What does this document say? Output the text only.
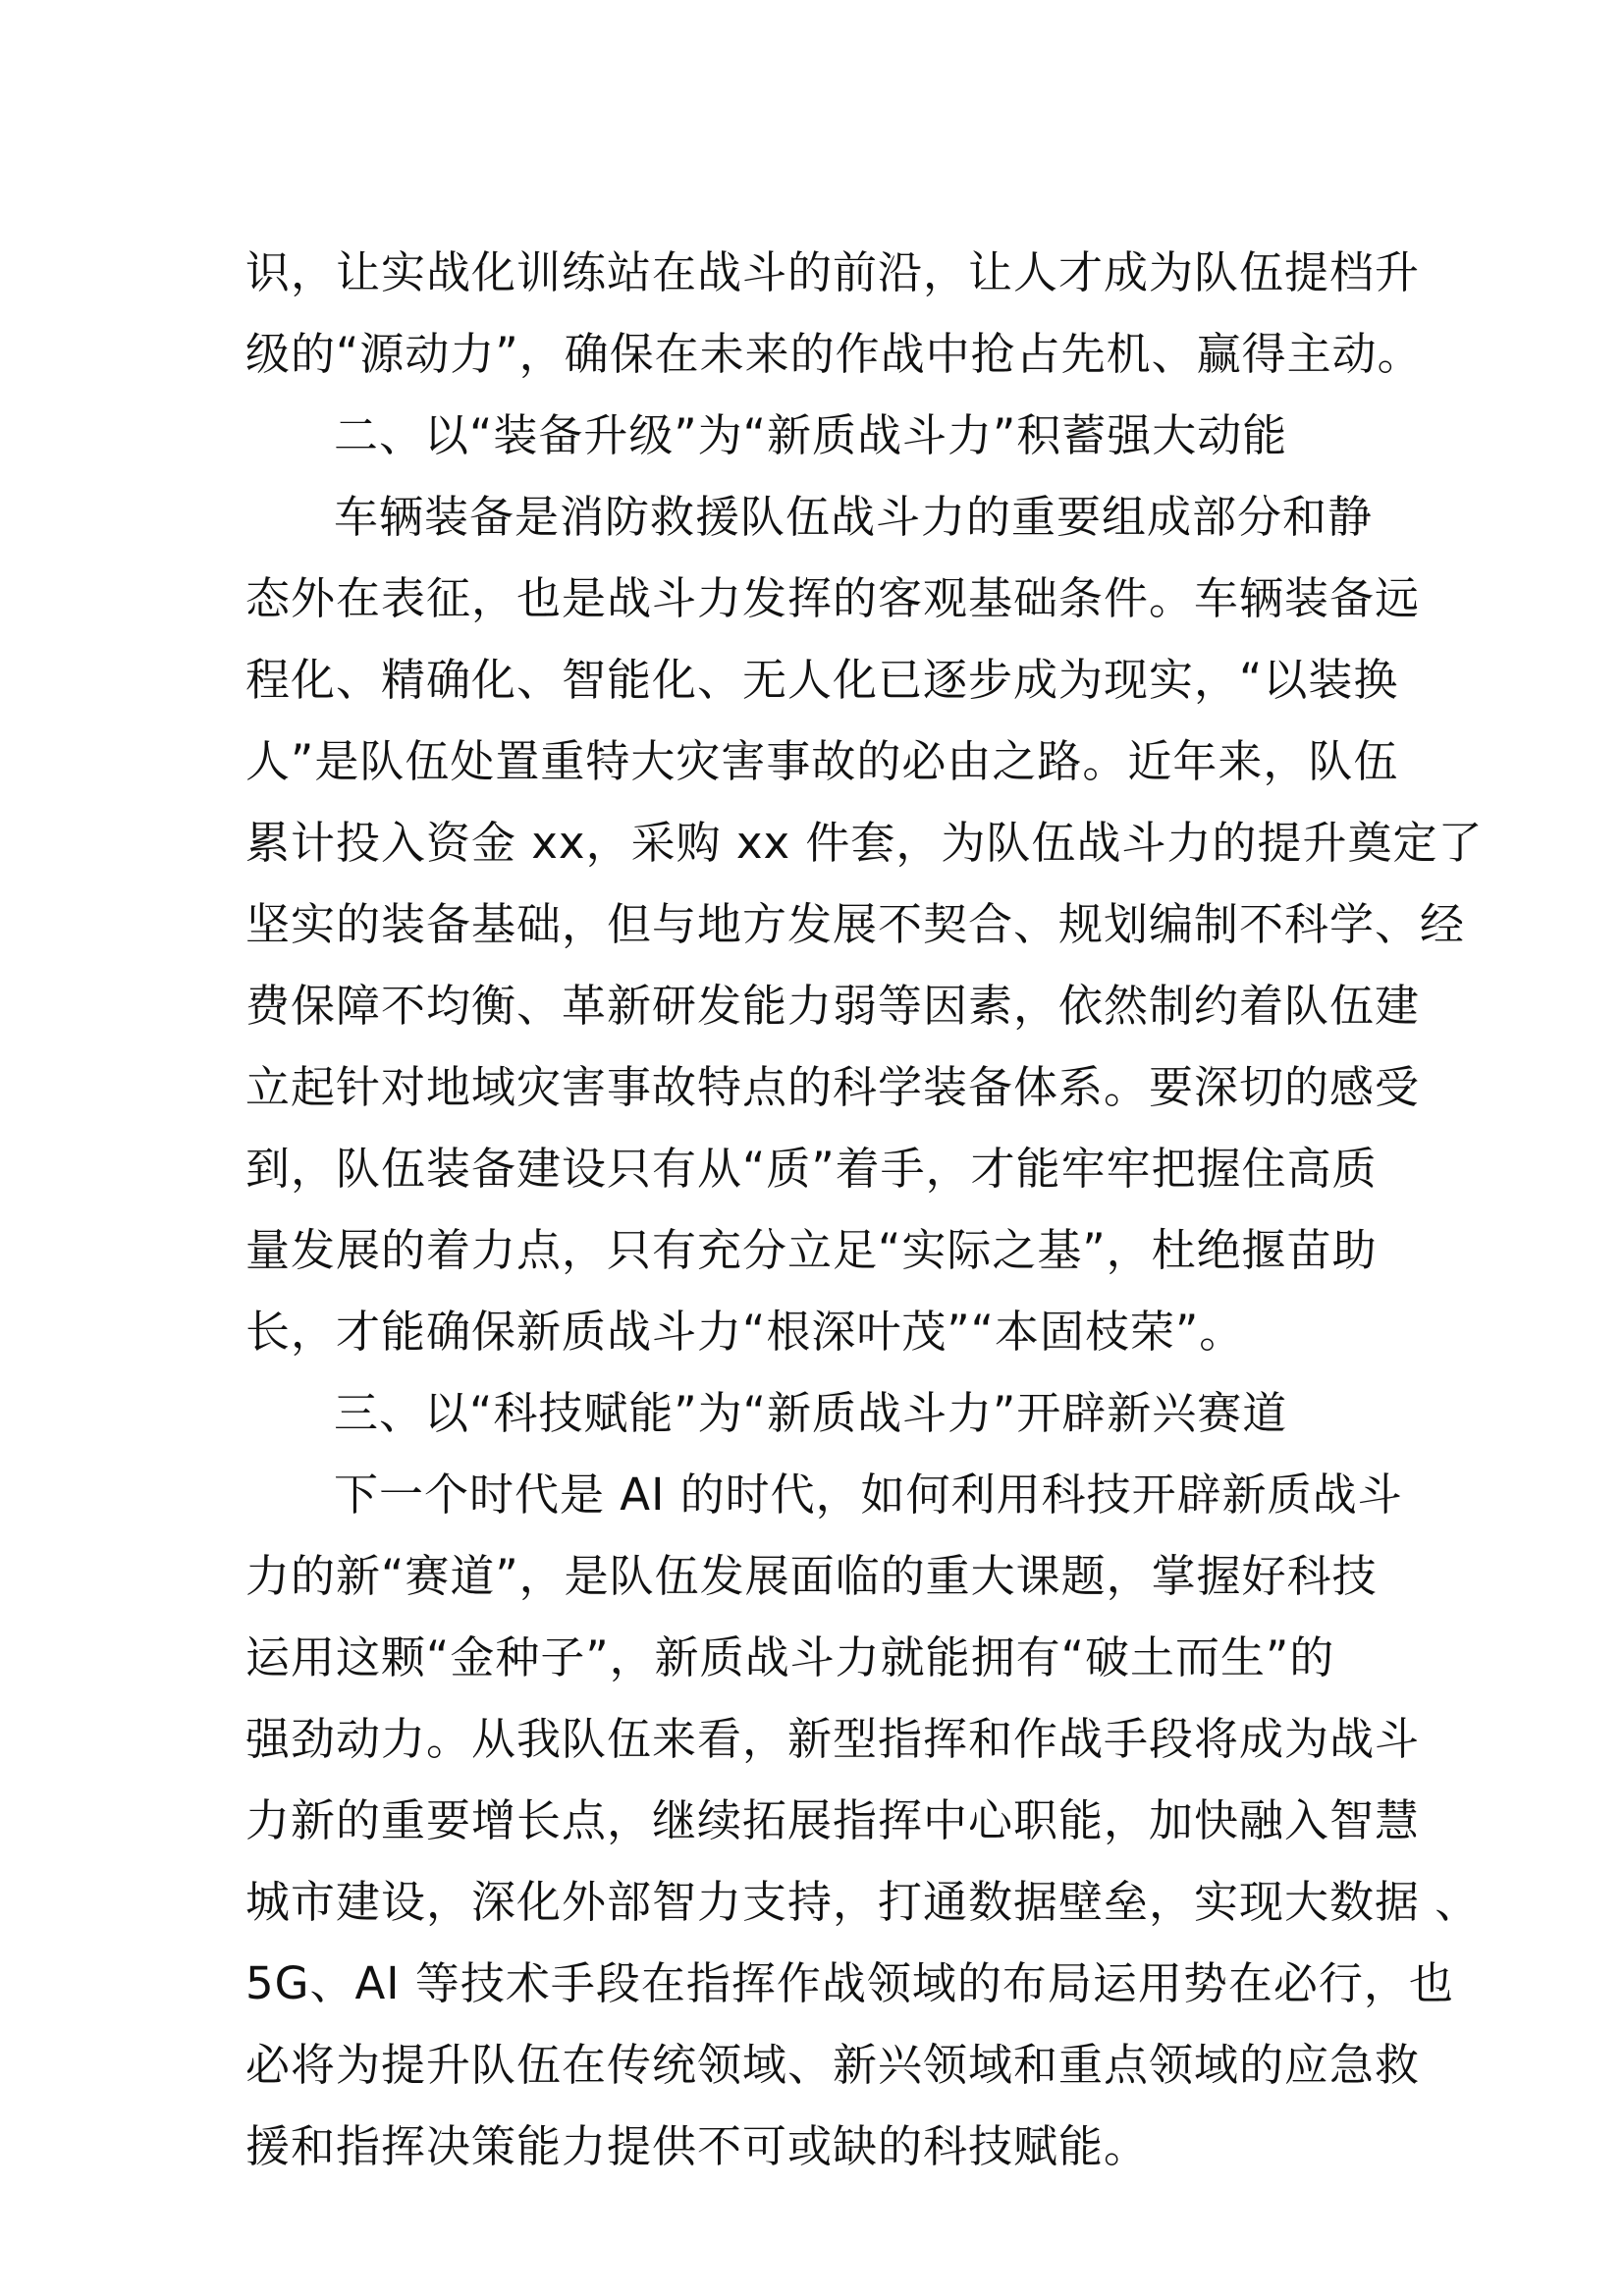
识，让实战化训练站在战斗的前沿，让人才成为队伍提档升
级的“源动力”，确保在未来的作战中抢占先机、赢得主动。
二、以“装备升级”为“新质战斗力”积蓄强大动能
车辆装备是消防救援队伍战斗力的重要组成部分和静
态外在表征，也是战斗力发挥的客观基础条件。车辆装备远
程化、精确化、智能化、无人化已逐步成为现实，“以装换
人”是队伍处置重特大灾害事故的必由之路。近年来，队伍
累计投入资金 xx，采购 xx 件套，为队伍战斗力的提升奠定了
坚实的装备基础，但与地方发展不契合、规划编制不科学、经
费保障不均衡、革新研发能力弱等因素，依然制约着队伍建
立起针对地域灾害事故特点的科学装备体系。要深切的感受
到，队伍装备建设只有从“质”着手，才能牢牢把握住高质
量发展的着力点，只有充分立足“实际之基”，杜绝揠苗助
长，才能确保新质战斗力“根深叶茂”“本固枝荣”。
三、以“科技赋能”为“新质战斗力”开辟新兴赛道
下一个时代是 AI 的时代，如何利用科技开辟新质战斗
力的新“赛道”，是队伍发展面临的重大课题，掌握好科技
运用这颗“金种子”，新质战斗力就能拥有“破土而生”的
强劲动力。从我队伍来看，新型指挥和作战手段将成为战斗
力新的重要增长点，继续拓展指挥中心职能，加快融入智慧
城市建设，深化外部智力支持，打通数据壁垒，实现大数据 、
5G、AI 等技术手段在指挥作战领域的布局运用势在必行，也
必将为提升队伍在传统领域、新兴领域和重点领域的应急救
援和指挥决策能力提供不可或缺的科技赋能。
